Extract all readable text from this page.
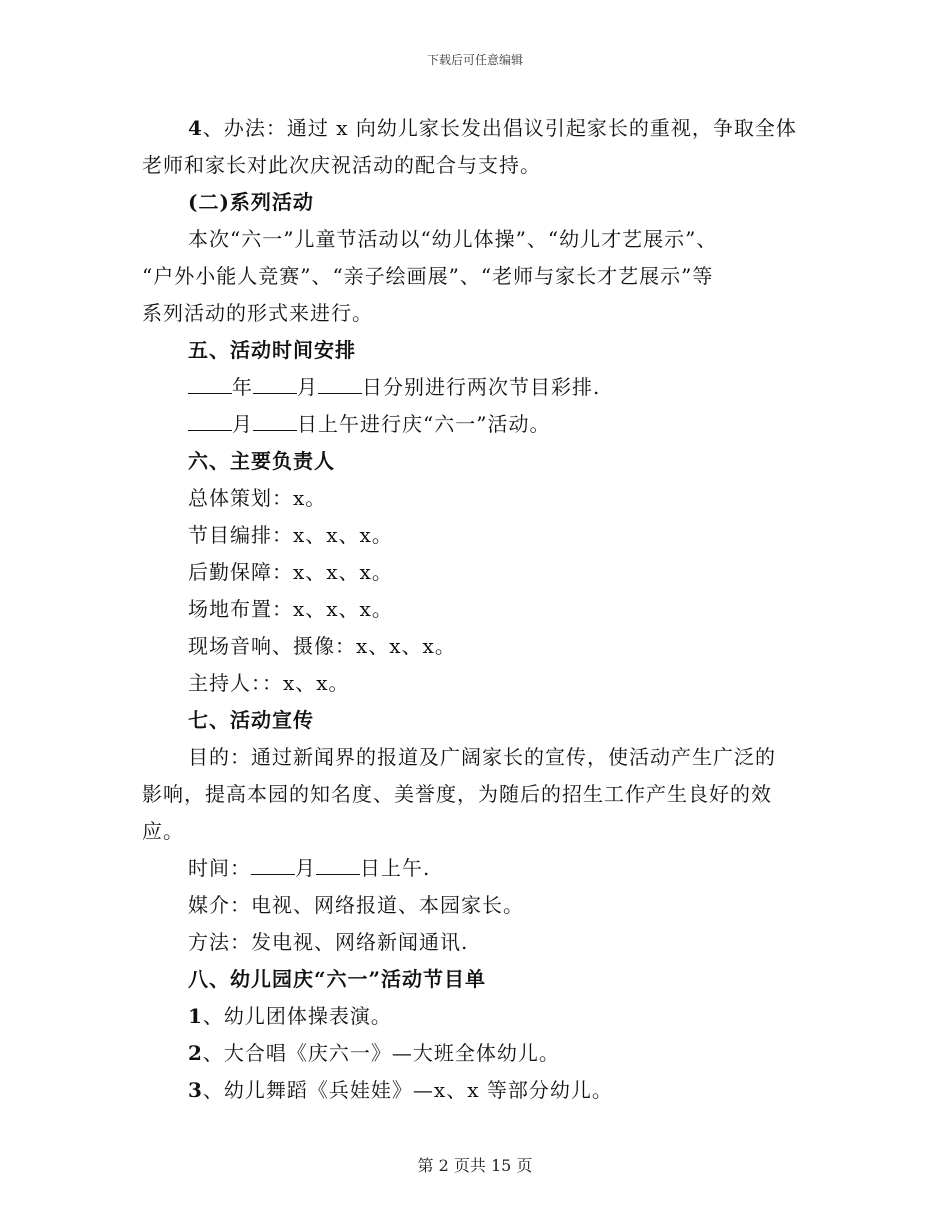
下载后可任意编辑
4、办法：通过 x 向幼儿家长发出倡议引起家长的重视，争取全体
老师和家长对此次庆祝活动的配合与支持。
(二)系列活动
本次“六一”儿童节活动以“幼儿体操”、“幼儿才艺展示”、
“户外小能人竞赛”、“亲子绘画展”、“老师与家长才艺展示”等
系列活动的形式来进行。
五、活动时间安排
年 月 日分别进行两次节目彩排.
月 日上午进行庆“六一”活动。
六、主要负责人
总体策划：x。
节目编排：x、x、x。
后勤保障：x、x、x。
场地布置：x、x、x。
现场音响、摄像：x、x、x。
主持人：：x、x。
七、活动宣传
目的：通过新闻界的报道及广阔家长的宣传，使活动产生广泛的
影响，提高本园的知名度、美誉度，为随后的招生工作产生良好的效
应。
时间： 月 日上午.
媒介：电视、网络报道、本园家长。
方法：发电视、网络新闻通讯.
八、幼儿园庆“六一”活动节目单
1、幼儿团体操表演。
2、大合唱《庆六一》—大班全体幼儿。
3、幼儿舞蹈《兵娃娃》—x、x 等部分幼儿。
第 2 页共 15 页
